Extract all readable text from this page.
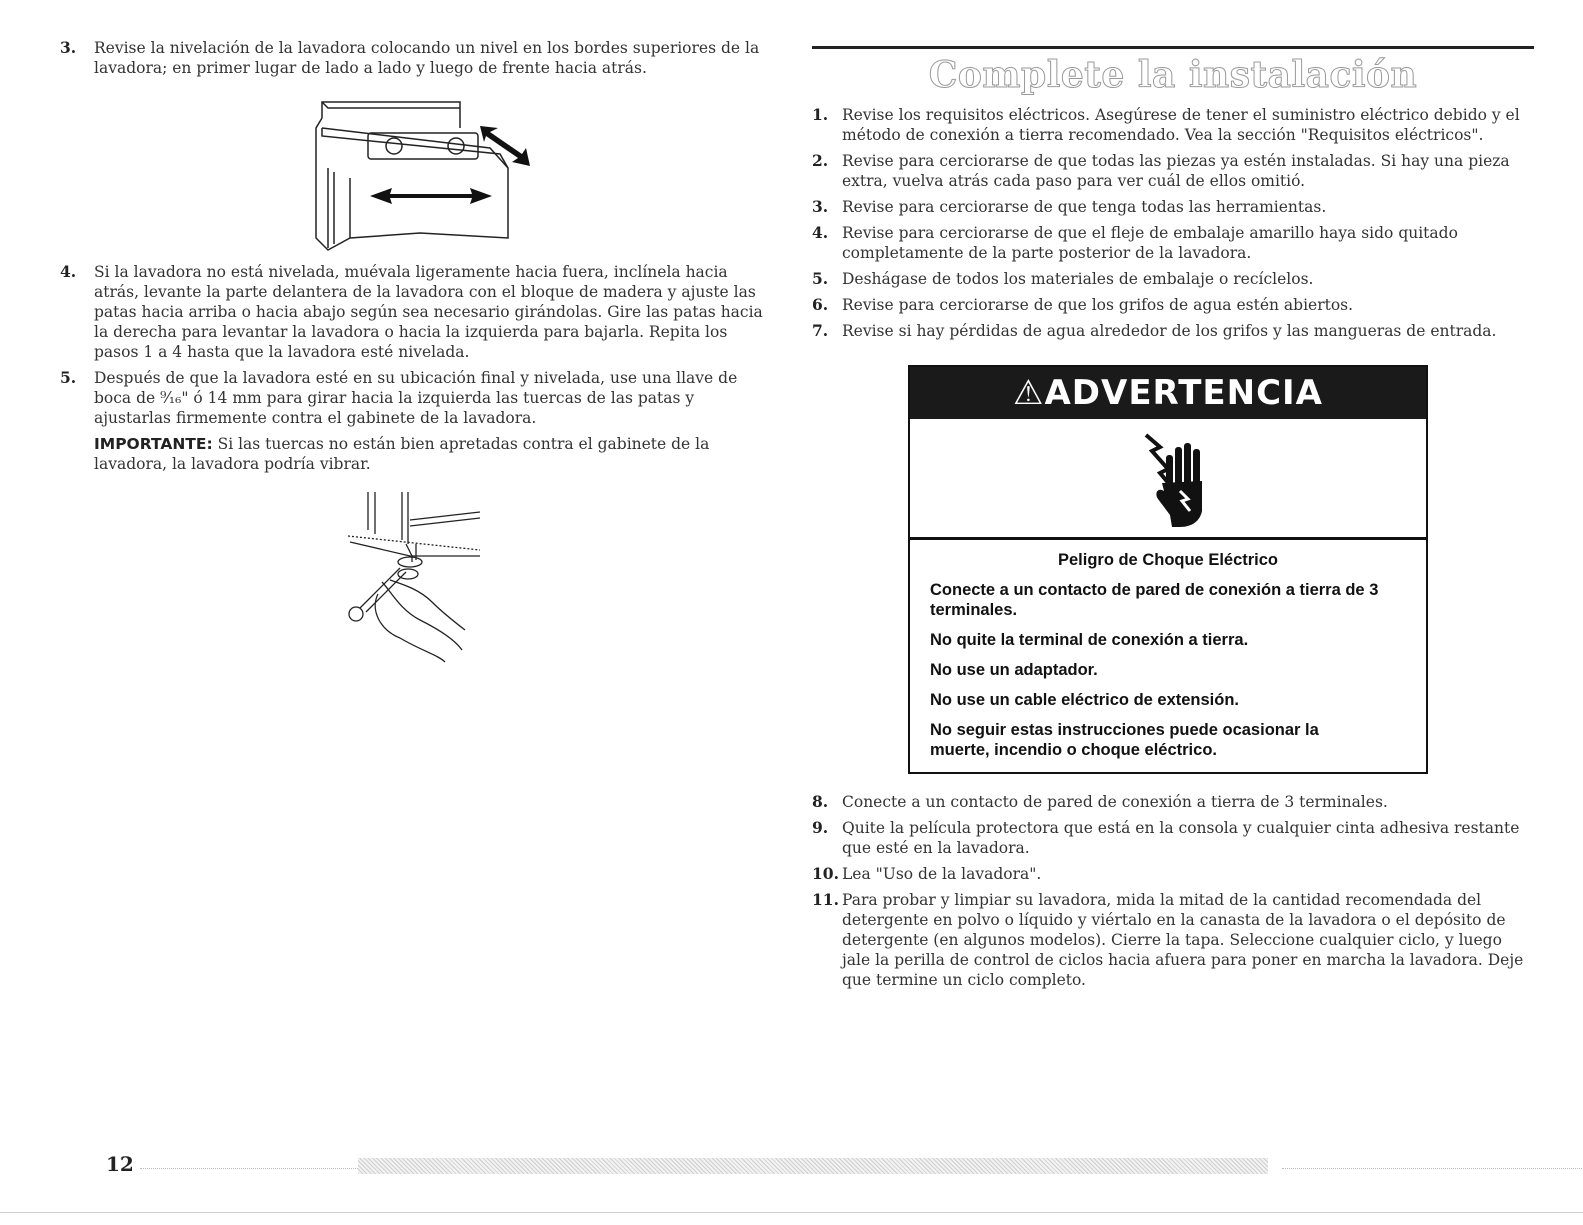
3.	Revise la nivelación de la lavadora colocando un nivel en los bordes superiores de la lavadora; en primer lugar de lado a lado y luego de frente hacia atrás.
4.	Si la lavadora no está nivelada, muévala ligeramente hacia fuera, inclínela hacia atrás, levante la parte delantera de la lavadora con el bloque de madera y ajuste las patas hacia arriba o hacia abajo según sea necesario girándolas. Gire las patas hacia la derecha para levantar la lavadora o hacia la izquierda para bajarla. Repita los pasos 1 a 4 hasta que la lavadora esté nivelada.
5.	Después de que la lavadora esté en su ubicación final y nivelada, use una llave de boca de ⁹⁄₁₆" ó 14 mm para girar hacia la izquierda las tuercas de las patas y ajustarlas firmemente contra el gabinete de la lavadora.
IMPORTANTE: Si las tuercas no están bien apretadas contra el gabinete de la lavadora, la lavadora podría vibrar.
Complete la instalación
1. Revise los requisitos eléctricos. Asegúrese de tener el suministro eléctrico debido y el método de conexión a tierra recomendado. Vea la sección "Requisitos eléctricos".
2. Revise para cerciorarse de que todas las piezas ya estén instaladas. Si hay una pieza extra, vuelva atrás cada paso para ver cuál de ellos omitió.
3. Revise para cerciorarse de que tenga todas las herramientas.
4. Revise para cerciorarse de que el fleje de embalaje amarillo haya sido quitado completamente de la parte posterior de la lavadora.
5. Deshágase de todos los materiales de embalaje o recíclelos.
6. Revise para cerciorarse de que los grifos de agua estén abiertos.
7. Revise si hay pérdidas de agua alrededor de los grifos y las mangueras de entrada.
⚠ADVERTENCIA

Peligro de Choque Eléctrico

Conecte a un contacto de pared de conexión a tierra de 3 terminales.

No quite la terminal de conexión a tierra.

No use un adaptador.

No use un cable eléctrico de extensión.

No seguir estas instrucciones puede ocasionar la muerte, incendio o choque eléctrico.

8. Conecte a un contacto de pared de conexión a tierra de 3 terminales.
9. Quite la película protectora que está en la consola y cualquier cinta adhesiva restante que esté en la lavadora.
10. Lea "Uso de la lavadora".
11. Para probar y limpiar su lavadora, mida la mitad de la cantidad recomendada del detergente en polvo o líquido y viértalo en la canasta de la lavadora o el depósito de detergente (en algunos modelos). Cierre la tapa. Seleccione cualquier ciclo, y luego jale la perilla de control de ciclos hacia afuera para poner en marcha la lavadora. Deje que termine un ciclo completo.
12
